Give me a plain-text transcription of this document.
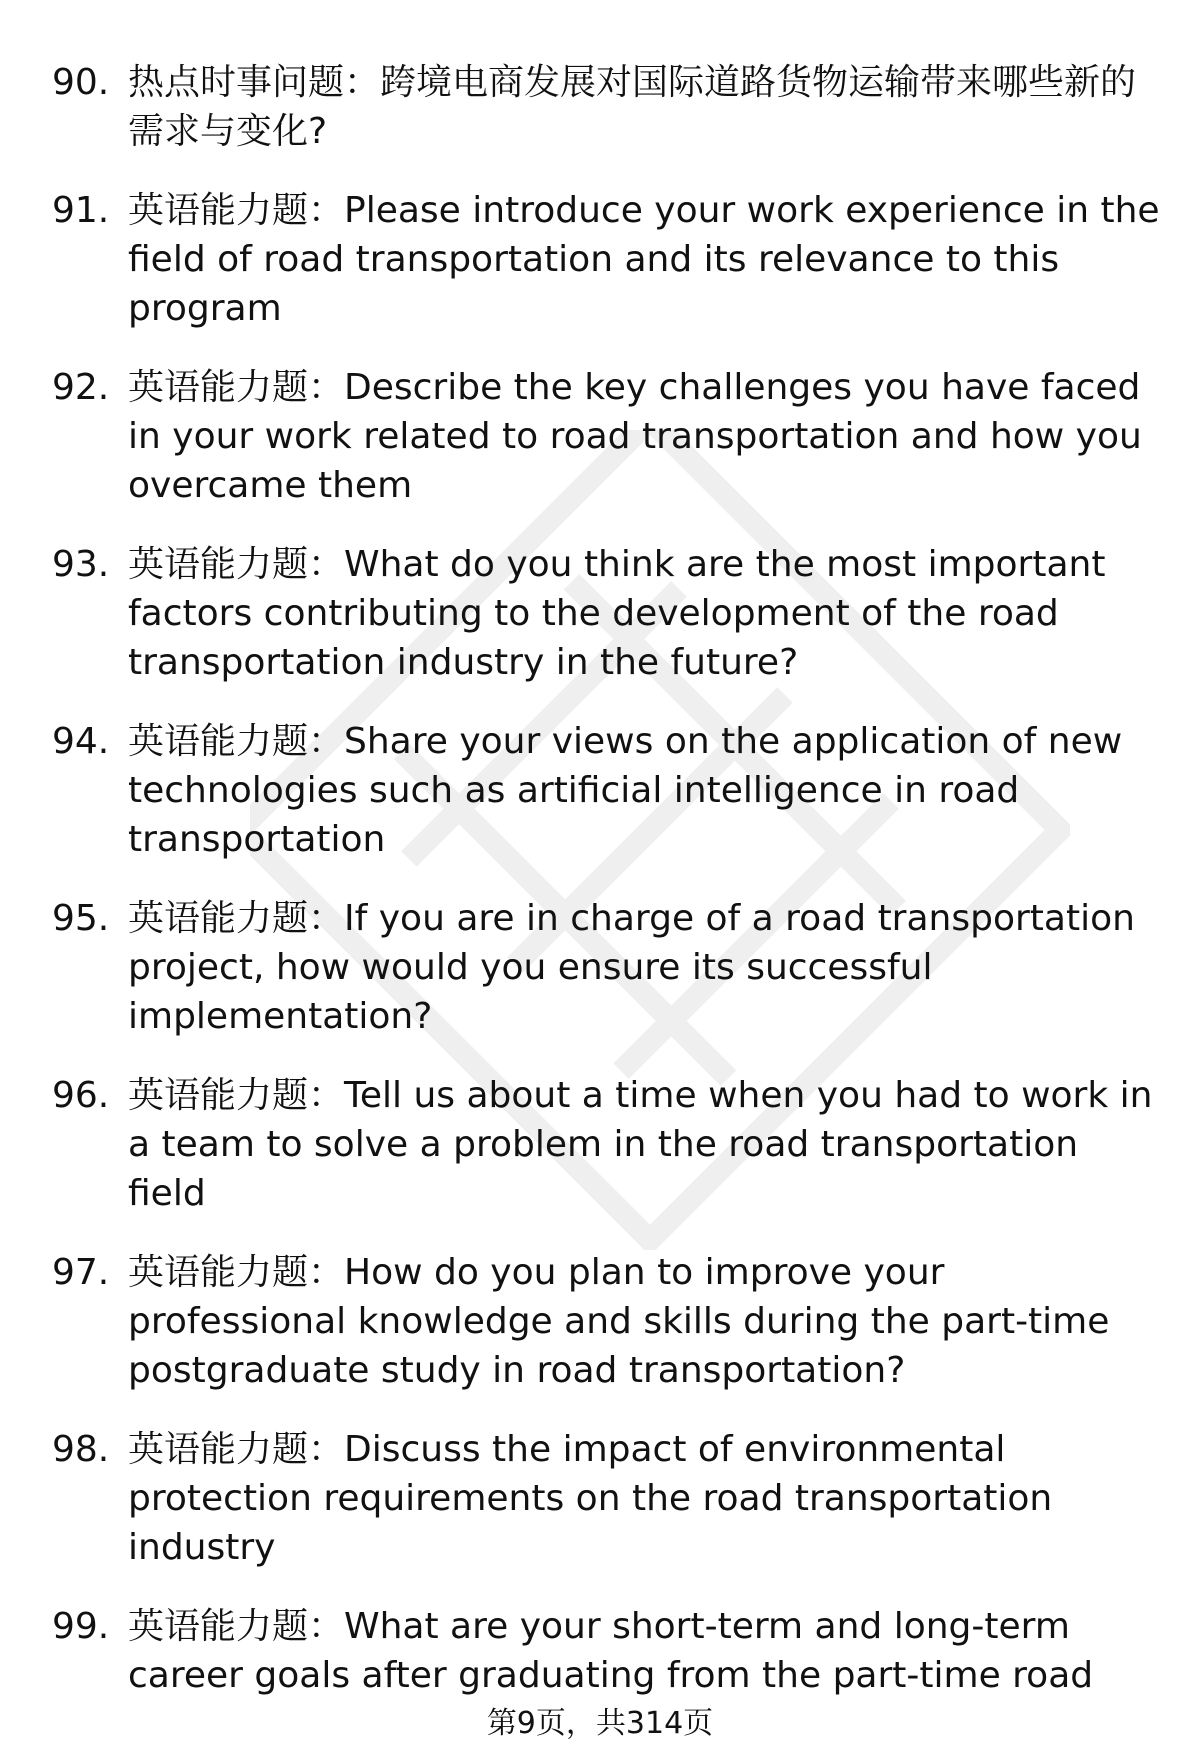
90. 热点时事问题：跨境电商发展对国际道路货物运输带来哪些新的需求与变化?
91. 英语能力题：Please introduce your work experience in the field of road transportation and its relevance to this program
92. 英语能力题：Describe the key challenges you have faced in your work related to road transportation and how you overcame them
93. 英语能力题：What do you think are the most important factors contributing to the development of the road transportation industry in the future?
94. 英语能力题：Share your views on the application of new technologies such as artificial intelligence in road transportation
95. 英语能力题：If you are in charge of a road transportation project, how would you ensure its successful implementation?
96. 英语能力题：Tell us about a time when you had to work in a team to solve a problem in the road transportation field
97. 英语能力题：How do you plan to improve your professional knowledge and skills during the part-time postgraduate study in road transportation?
98. 英语能力题：Discuss the impact of environmental protection requirements on the road transportation industry
99. 英语能力题：What are your short-term and long-term career goals after graduating from the part-time road
第9页，共314页
